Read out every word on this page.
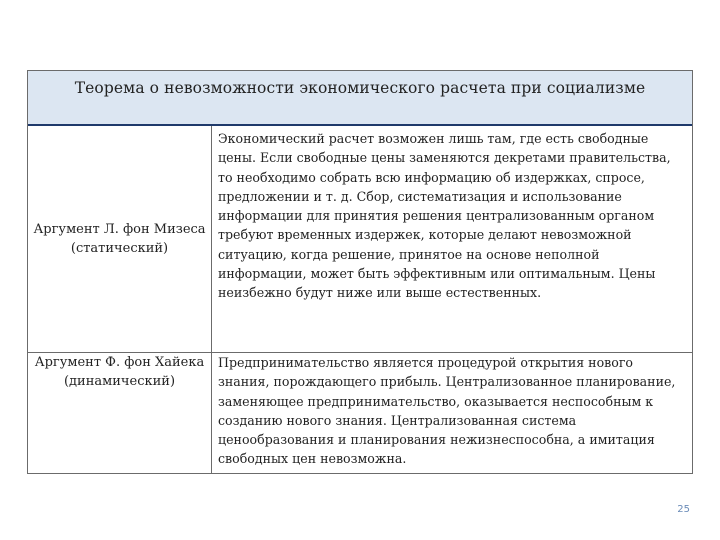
Теорема о невозможности экономического расчета при социализме
Аргумент Л. фон Мизеса (статический)
Экономический расчет возможен лишь там, где есть свободные цены. Если свободные цены заменяются декретами правительства, то необходимо собрать всю информацию об издержках, спросе, предложении и т. д. Сбор, систематизация и использование информации для принятия решения централизованным органом требуют временных издержек, которые делают невозможной ситуацию, когда решение, принятое на основе неполной информации, может быть эффективным или оптимальным. Цены неизбежно будут ниже или выше естественных.
Аргумент Ф. фон Хайека (динамический)
Предпринимательство является процедурой открытия нового знания, порождающего прибыль. Централизованное планирование, заменяющее предпринимательство, оказывается неспособным к созданию нового знания. Централизованная система ценообразования и планирования нежизнеспособна, а имитация свободных цен невозможна.
25
